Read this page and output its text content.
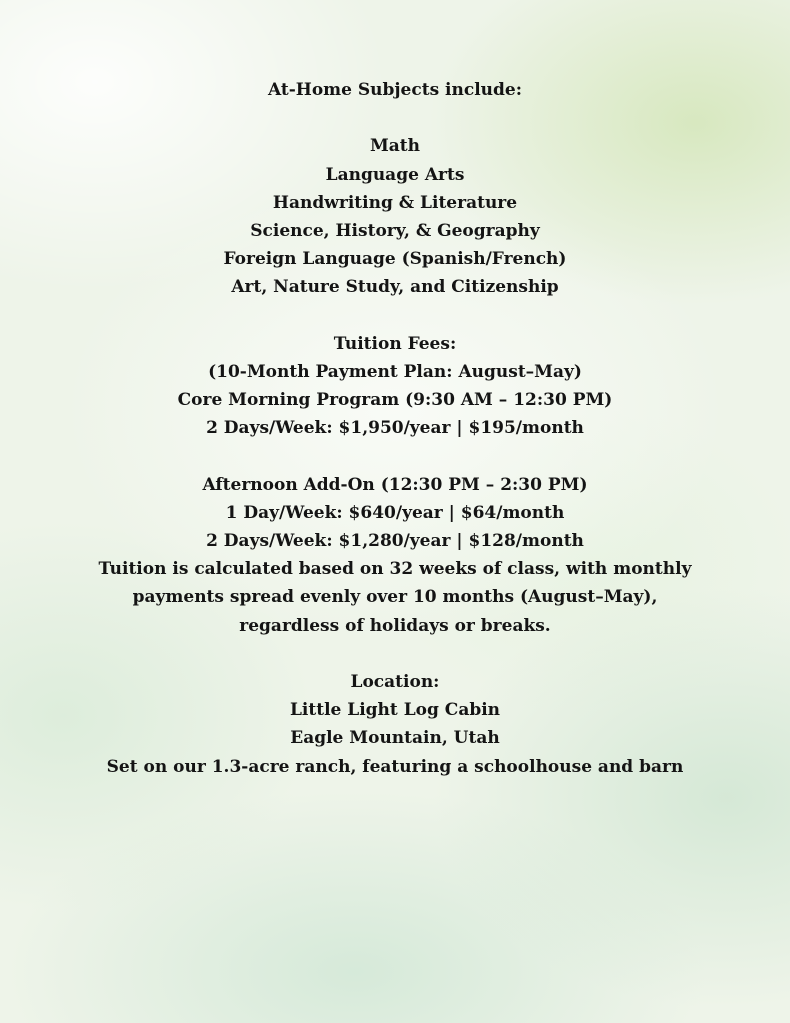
At-Home Subjects include:
Math
Language Arts
Handwriting & Literature
Science, History, & Geography
Foreign Language (Spanish/French)
Art, Nature Study, and Citizenship
Tuition Fees:
(10-Month Payment Plan: August–May)
Core Morning Program (9:30 AM – 12:30 PM)
2 Days/Week: $1,950/year | $195/month
Afternoon Add-On (12:30 PM – 2:30 PM)
1 Day/Week: $640/year | $64/month
2 Days/Week: $1,280/year | $128/month
Tuition is calculated based on 32 weeks of class, with monthly payments spread evenly over 10 months (August–May), regardless of holidays or breaks.
Location:
Little Light Log Cabin
Eagle Mountain, Utah
Set on our 1.3-acre ranch, featuring a schoolhouse and barn
